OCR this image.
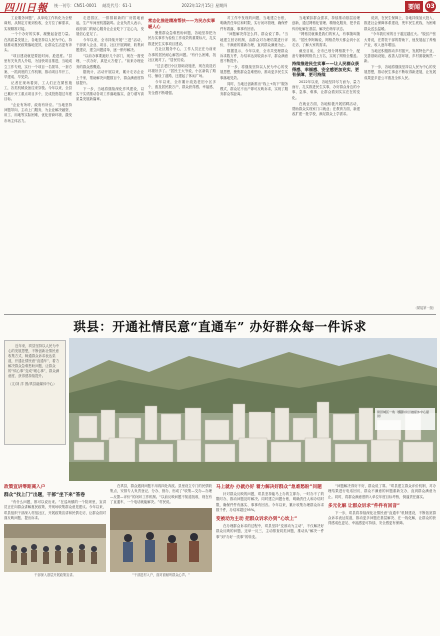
四川日報 统一刊号：CN51-0001 邮发代号：61-1	2022年12月15日 星期四	要闻	03

工业服务问题”，从单纯工作转化为全程谋划，从制定方案到验收，全方位了解需求，实现精准对接。

一个个办好的实事，凝聚起奋进力量。在高质量发展上，各地坚持以人民为中心，持续推动惠民政策落地见效，让群众生活更有奔头。

“项目建设就是要抢时间、抢进度。”县里有关负责人介绍，为加快项目推进，当地成立工作专班，实行一个项目一名领导、一套方案、一抓到底的工作机制，推动项目早开工、早建成、早见效。

记者在现场看到，工人们正在紧张施工，各类机械设备往来穿梭。今年以来，全县已累计开工重点项目多个，完成投资超过年度目标。

“企业有所呼，政府有所应。”当地坚持问题导向，主动上门服务，为企业解决融资、用工、用地等实际困难，优化营商环境，激发市场主体活力。

走进园区，一排排崭新的厂房拔地而起，生产车间里机器轰鸣。企业负责人表示，政府部门的贴心服务让企业吃下了定心丸，发展信心更足了。

今年以来，全市持续开展“三进”活动，干部深入企业、项目、社区开展调研，收集问题建议，建立问题清单，逐一销号解决。

“以前办事要跑好几个部门，现在一窗受理、一次办好，真是太方便了。”前来办理业务的群众感慨道。

据统计，活动开展以来，累计走访企业上千家，帮助解决问题数百个，群众满意度持续提升。

下一步，当地将继续深化作风建设，以实干实绩推动各项工作落地落实，奋力谱写高质量发展新篇章。

常态化推进精准帮扶——为民办实事暖人心

聚焦群众急难愁盼问题，各地坚持把为民办实事作为检验工作成效的重要标尺，扎实推进民生实事项目建设。

在社区服务中心，工作人员正在为前来办事的居民耐心解答问题。“有什么困难，找社区就对了。”居民们说。

“过去老旧小区基础设施差，现在改造后环境好多了。”居民王大爷说，小区新装了路灯、铺设了道路，还建起了休闲广场。

今年以来，全市累计改造老旧小区多个，惠及居民数万户，群众获得感、幸福感、安全感不断增强。

对工作中发现的问题，当地建立台账，明确责任单位和时限，实行闭环管理，确保件件有着落、事事有回音。

“问题解决得怎么样，群众说了算。”当地建立回访机制，由群众对办理结果进行评价，不满意的重新办理，直到群众满意为止。

数据显示，今年以来，全市共受理群众诉求数万件，办结率达到较高水平，群众满意度不断提升。

下一步，将继续坚持以人民为中心的发展思想，聚焦群众急难愁盼，推动更多民生实事落地见效。

同时，当地还创新推出“线上+线下”服务模式，群众足不出户即可反映诉求，实现了服务群众零距离。

当地紧扣群众需求，持续推动基层治理创新，通过网格化管理、精细化服务，把矛盾纠纷化解在基层、解决在萌芽状态。

“网格员就像是我们的家人，有事随叫随到。”居民李阿姨说，网格员每天都会到小区走访，了解大家的需求。

截至目前，全市已划分网格数千个，配备专兼职网格员上万名，实现了网格全覆盖。

持续推进民生实事——让人民群众获得感、幸福感、安全感更加充实、更有保障、更可持续

2022年以来，各地坚持尽力而为、量力而行，扎实推进民生实事，办好群众身边的小事、急事、难事，让群众看到实实在在的变化。

在就业方面，各地积极开展招聘活动，帮助群众实现家门口就业；在教育方面，新建改扩建一批学校，满足群众上学需求。

说到，在民生保障上，各地持续加大投入，推进社会保障体系建设，兜牢民生底线，为困难群众送去温暖。

“今年我们家的日子越过越红火。”脱贫户张大哥说，在帮扶干部的帮助下，他发展起了养殖产业，收入逐年增加。

当地还积极推动乡村振兴，发展特色产业，完善基础设施，改善人居环境，乡村面貌焕然一新。

下一步，各地将继续坚持以人民为中心的发展思想，推动民生事业不断取得新进展，让发展成果更多更公平惠及全体人民。

（紧接第一版）
珙县：开通社情民意“直通车” 办好群众每一件诉求

近年来，珙县坚持以人民为中心的发展思想，不断创新社情民意收集方式，畅通群众诉求表达渠道，开通社情民意“直通车”，着力解决群众急难愁盼问题，让群众的“烦心事”变成“暖心事”，群众满意度、获得感持续提升。

（文/刘 洋 图/珙县融媒体中心）

珙县城区一角（摄影/珙县融媒体中心提供）
政策宣讲零距离入户
群众“找上门”出题，干部“坐下来”答卷

“有什么问题，都可以说出来。”在巡场镇的一个院坝里，宣讲员正在向群众讲解惠民政策，并现场收集群众意见建议。今年以来，珙县组织干部深入村组社区，开展政策宣讲和民情走访，让群众面对面反映问题、提出诉求。

干部深入基层开展政策宣讲。

在珙县，群众遇到问题不用再四处奔波。县里设立专门的民情收集点，安排专人负责登记、分办、督办，形成了“收集—交办—办理—反馈—评价”的闭环工作机制。“以前反映问题不知道找谁，现在有了直通车，一个电话就能解决。”村民说。

“干部进村入户，面对面倾听群众心声。”
马上就办 办就办好 着力解决好群众“急难愁盼”问题

针对群众反映的问题，珙县坚持能马上办的立即办、一时办不了的限时办，推动问题及时解决。同时建立问题台账，明确责任人和办结时限，确保件件有落实、事事有回音。今年以来，累计收集办理群众诉求数千件，办结率超过95%。

变被动为主动 把群众诉求办到“心坎上”

在办理群众诉求的过程中，珙县坚持“变被动为主动”，不仅解决好群众反映的问题，还举一反三，主动排查同类问题，推动从“解决一件事”到“办好一类事”的转变。

“问题解决得好不好，群众说了算。”珙县建立群众评价机制，对办理结果进行电话回访，群众不满意的问题重新交办，直到群众满意为止。同时，将群众满意度纳入单位年度目标考核，倒逼责任落实。

多元化解 让群众诉求“件件有回音”

下一步，珙县将持续深化社情民意“直通车”机制建设，不断拓宽群众诉求表达渠道，推动更多问题在基层解决、在一线化解，让群众的获得感成色更足、幸福感更可持续、安全感更有保障。
